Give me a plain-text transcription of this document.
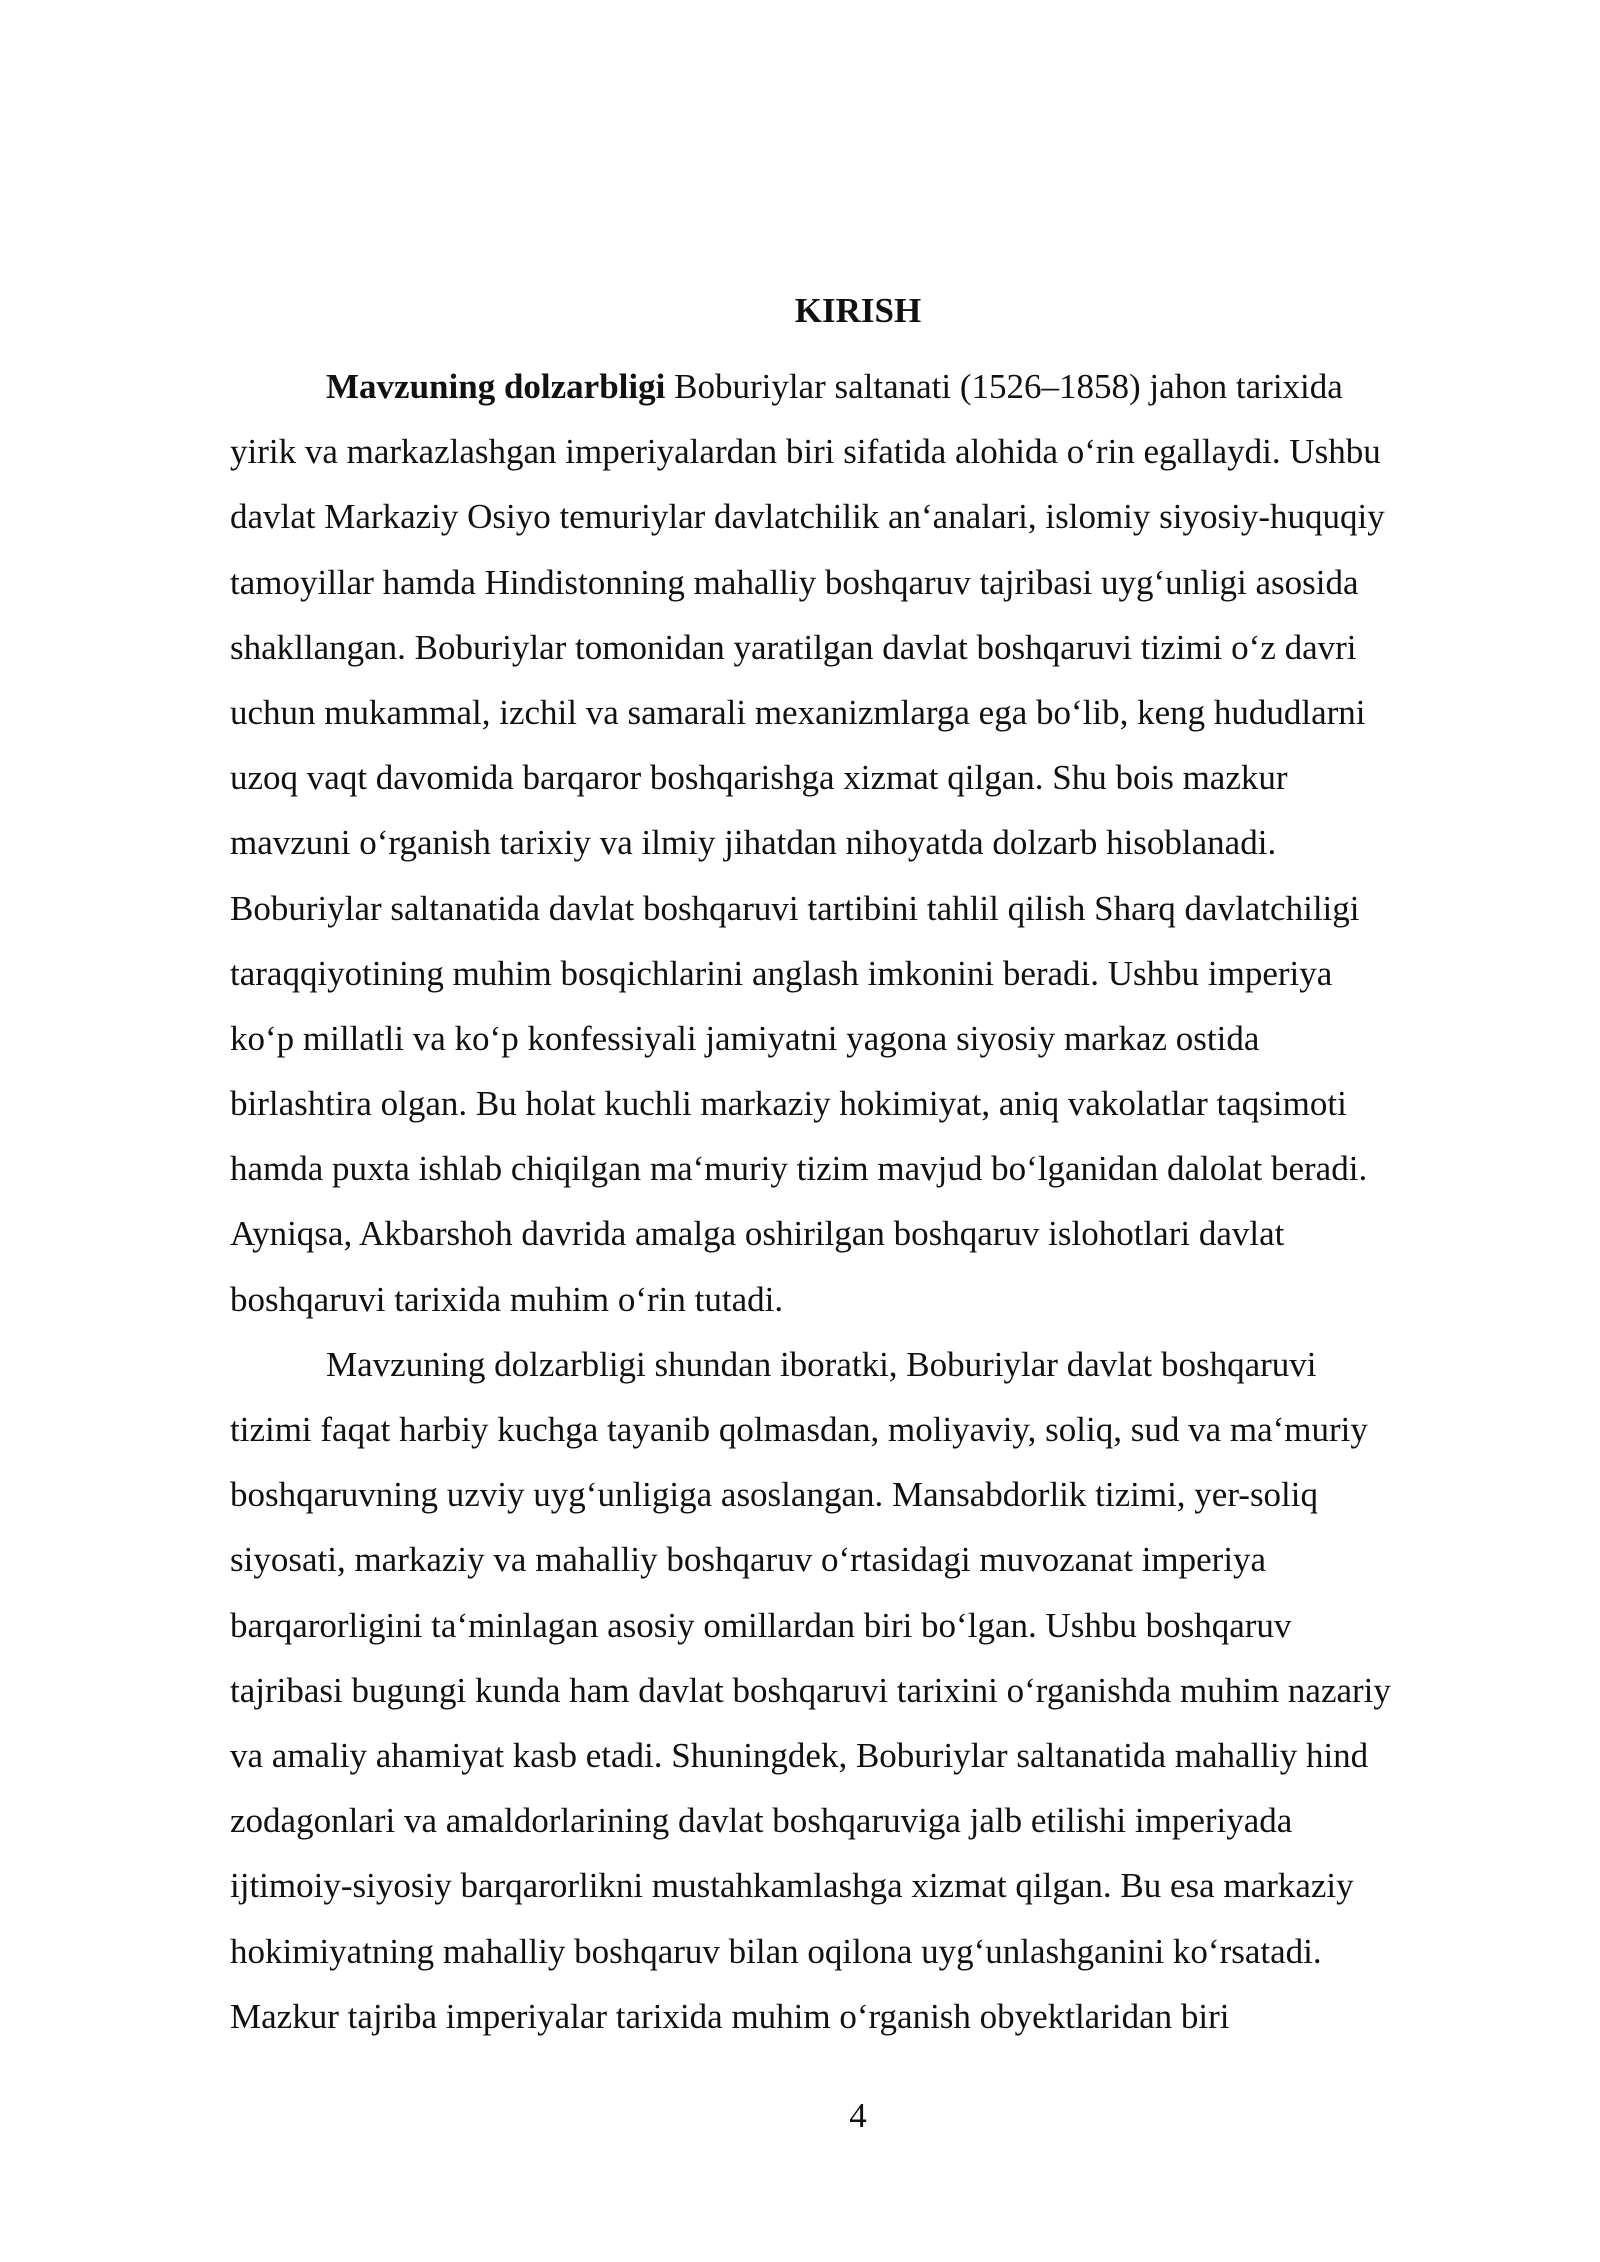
KIRISH
Mavzuning dolzarbligi Boburiylar saltanati (1526–1858) jahon tarixida
yirik va markazlashgan imperiyalardan biri sifatida alohida o‘rin egallaydi. Ushbu
davlat Markaziy Osiyo temuriylar davlatchilik an‘analari, islomiy siyosiy-huquqiy
tamoyillar hamda Hindistonning mahalliy boshqaruv tajribasi uyg‘unligi asosida
shakllangan. Boburiylar tomonidan yaratilgan davlat boshqaruvi tizimi o‘z davri
uchun mukammal, izchil va samarali mexanizmlarga ega bo‘lib, keng hududlarni
uzoq vaqt davomida barqaror boshqarishga xizmat qilgan. Shu bois mazkur
mavzuni o‘rganish tarixiy va ilmiy jihatdan nihoyatda dolzarb hisoblanadi.
Boburiylar saltanatida davlat boshqaruvi tartibini tahlil qilish Sharq davlatchiligi
taraqqiyotining muhim bosqichlarini anglash imkonini beradi. Ushbu imperiya
ko‘p millatli va ko‘p konfessiyali jamiyatni yagona siyosiy markaz ostida
birlashtira olgan. Bu holat kuchli markaziy hokimiyat, aniq vakolatlar taqsimoti
hamda puxta ishlab chiqilgan ma‘muriy tizim mavjud bo‘lganidan dalolat beradi.
Ayniqsa, Akbarshoh davrida amalga oshirilgan boshqaruv islohotlari davlat
boshqaruvi tarixida muhim o‘rin tutadi.
Mavzuning dolzarbligi shundan iboratki, Boburiylar davlat boshqaruvi
tizimi faqat harbiy kuchga tayanib qolmasdan, moliyaviy, soliq, sud va ma‘muriy
boshqaruvning uzviy uyg‘unligiga asoslangan. Mansabdorlik tizimi, yer-soliq
siyosati, markaziy va mahalliy boshqaruv o‘rtasidagi muvozanat imperiya
barqarorligini ta‘minlagan asosiy omillardan biri bo‘lgan. Ushbu boshqaruv
tajribasi bugungi kunda ham davlat boshqaruvi tarixini o‘rganishda muhim nazariy
va amaliy ahamiyat kasb etadi. Shuningdek, Boburiylar saltanatida mahalliy hind
zodagonlari va amaldorlarining davlat boshqaruviga jalb etilishi imperiyada
ijtimoiy-siyosiy barqarorlikni mustahkamlashga xizmat qilgan. Bu esa markaziy
hokimiyatning mahalliy boshqaruv bilan oqilona uyg‘unlashganini ko‘rsatadi.
Mazkur tajriba imperiyalar tarixida muhim o‘rganish obyektlaridan biri
4
